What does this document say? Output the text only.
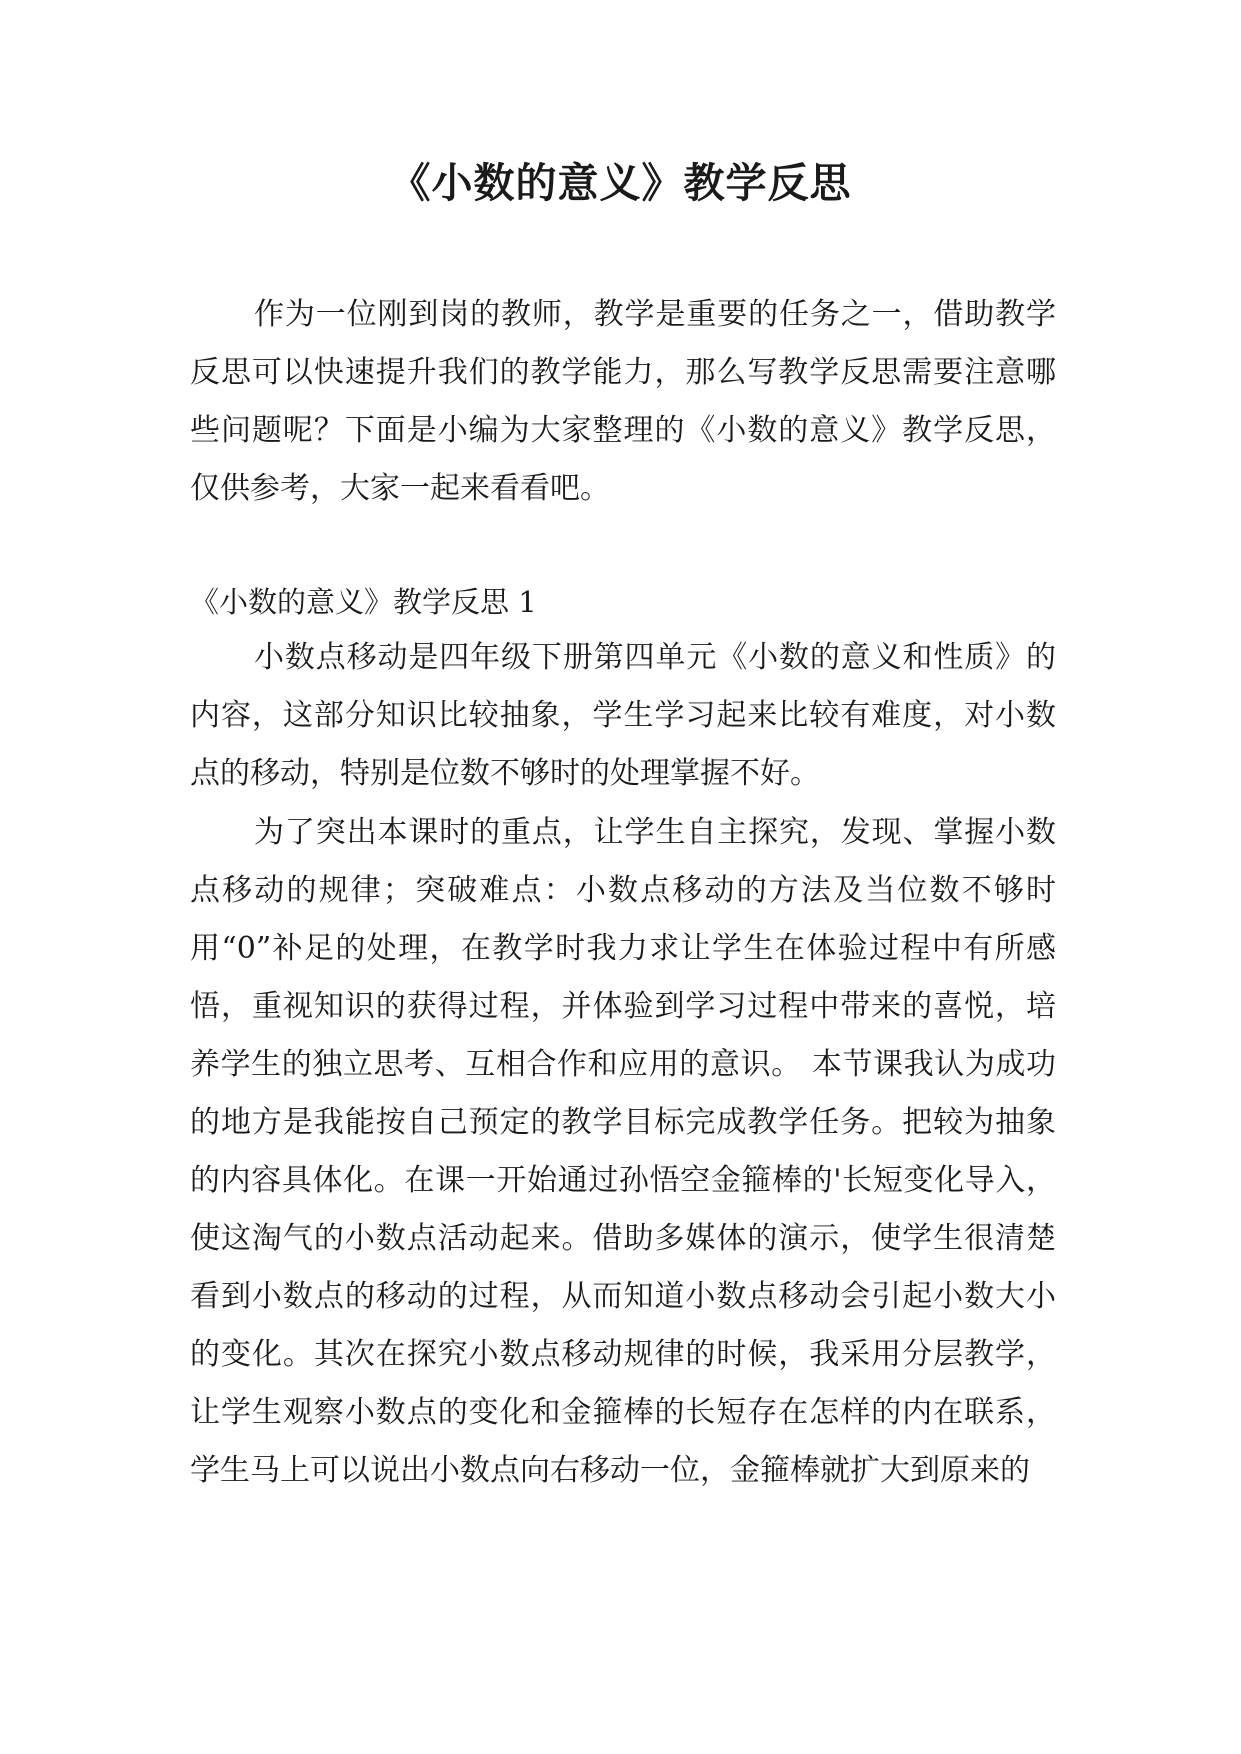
《小数的意义》教学反思

作为一位刚到岗的教师，教学是重要的任务之一，借助教学反思可以快速提升我们的教学能力，那么写教学反思需要注意哪些问题呢？下面是小编为大家整理的《小数的意义》教学反思，仅供参考，大家一起来看看吧。

《小数的意义》教学反思 1

小数点移动是四年级下册第四单元《小数的意义和性质》的内容，这部分知识比较抽象，学生学习起来比较有难度，对小数点的移动，特别是位数不够时的处理掌握不好。

为了突出本课时的重点，让学生自主探究，发现、掌握小数点移动的规律；突破难点：小数点移动的方法及当位数不够时用“0”补足的处理，在教学时我力求让学生在体验过程中有所感悟，重视知识的获得过程，并体验到学习过程中带来的喜悦，培养学生的独立思考、互相合作和应用的意识。 本节课我认为成功的地方是我能按自己预定的教学目标完成教学任务。把较为抽象的内容具体化。在课一开始通过孙悟空金箍棒的'长短变化导入，使这淘气的小数点活动起来。借助多媒体的演示，使学生很清楚看到小数点的移动的过程，从而知道小数点移动会引起小数大小的变化。其次在探究小数点移动规律的时候，我采用分层教学，让学生观察小数点的变化和金箍棒的长短存在怎样的内在联系，学生马上可以说出小数点向右移动一位，金箍棒就扩大到原来的
